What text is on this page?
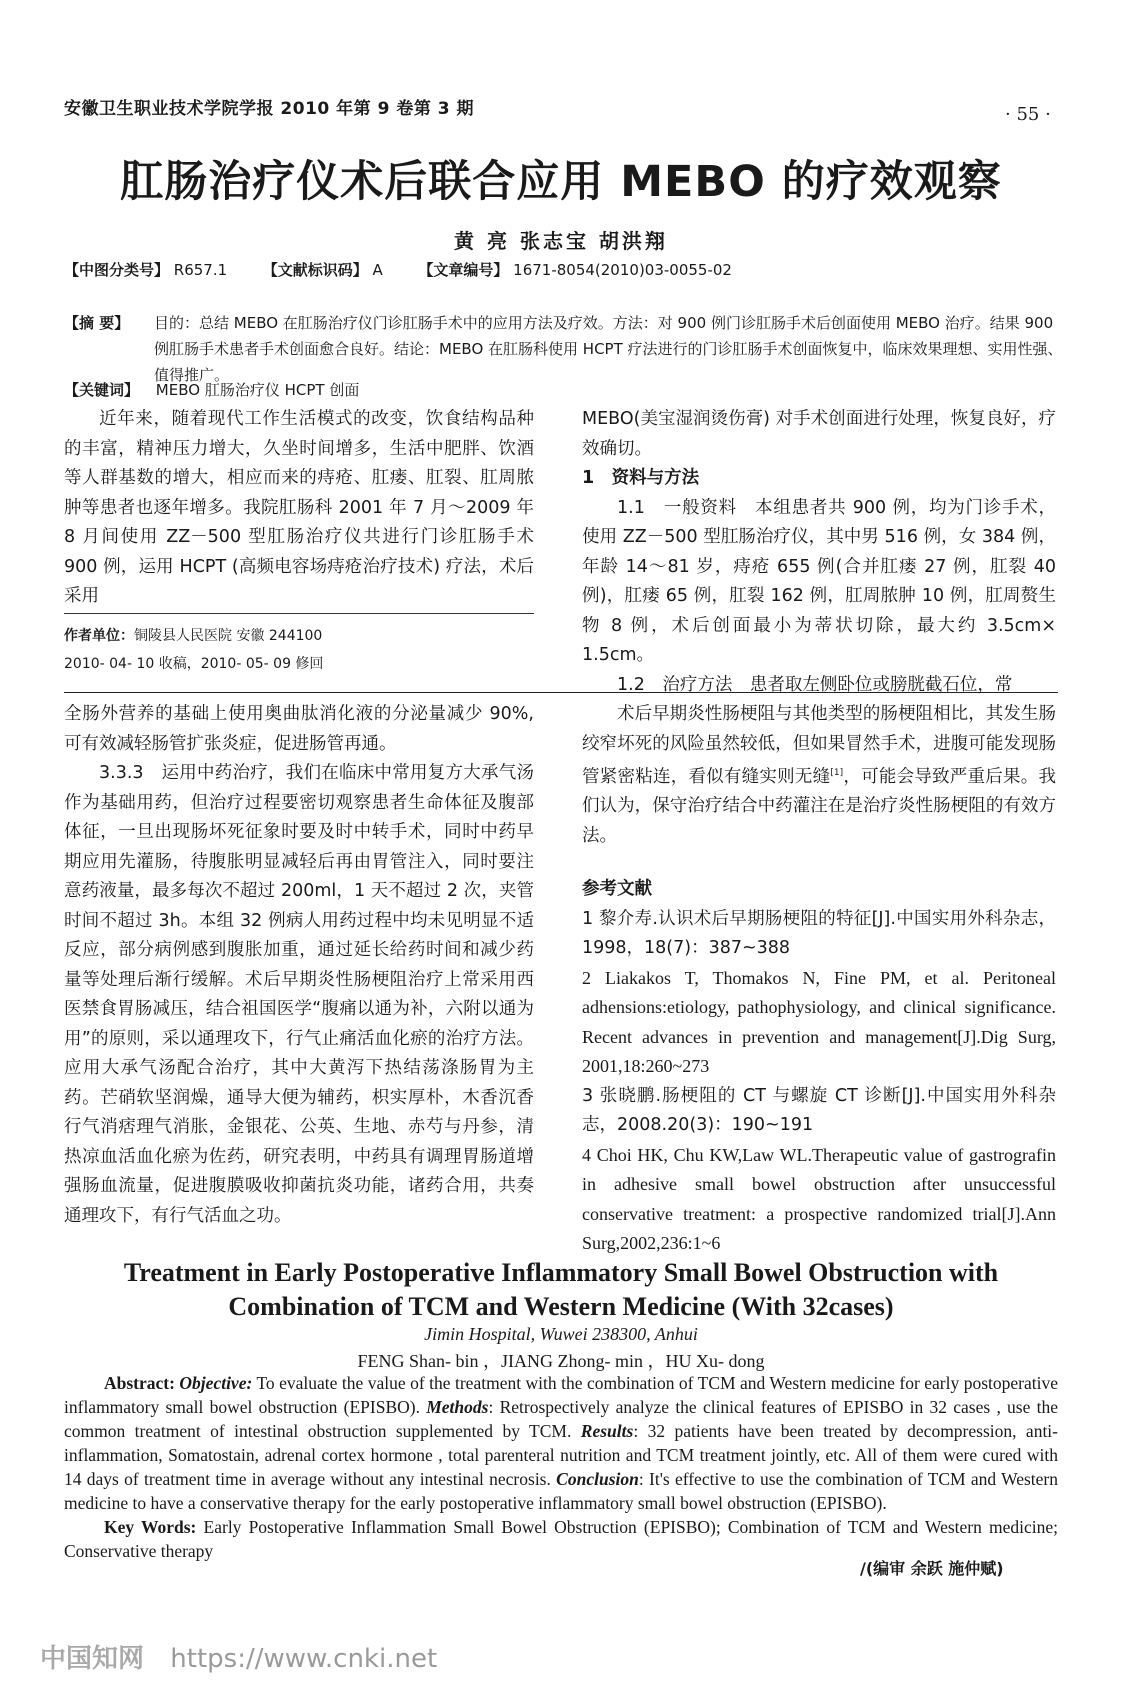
安徽卫生职业技术学院学报 2010 年第 9 卷第 3 期	· 55 ·
肛肠治疗仪术后联合应用 MEBO 的疗效观察
黄 亮 张志宝 胡洪翔
【中图分类号】 R657.1 【文献标识码】 A 【文章编号】 1671-8054(2010)03-0055-02
【摘 要】 目的：总结 MEBO 在肛肠治疗仪门诊肛肠手术中的应用方法及疗效。方法：对 900 例门诊肛肠手术后创面使用 MEBO 治疗。结果 900 例肛肠手术患者手术创面愈合良好。结论：MEBO 在肛肠科使用 HCPT 疗法进行的门诊肛肠手术创面恢复中，临床效果理想、实用性强、值得推广。
【关键词】 MEBO 肛肠治疗仪 HCPT 创面

近年来，随着现代工作生活模式的改变，饮食结构品种的丰富，精神压力增大，久坐时间增多，生活中肥胖、饮酒等人群基数的增大，相应而来的痔疮、肛瘘、肛裂、肛周脓肿等患者也逐年增多。我院肛肠科 2001 年 7 月～2009 年 8 月间使用 ZZ－500 型肛肠治疗仪共进行门诊肛肠手术 900 例，运用 HCPT (高频电容场痔疮治疗技术) 疗法，术后采用

作者单位：铜陵县人民医院 安徽 244100
2010- 04- 10 收稿，2010- 05- 09 修回

MEBO(美宝湿润烫伤膏) 对手术创面进行处理，恢复良好，疗效确切。

1　资料与方法

1.1　一般资料　本组患者共 900 例，均为门诊手术，使用 ZZ－500 型肛肠治疗仪，其中男 516 例，女 384 例，年龄 14～81 岁，痔疮 655 例(合并肛瘘 27 例，肛裂 40 例)，肛瘘 65 例，肛裂 162 例，肛周脓肿 10 例，肛周赘生物 8 例，术后创面最小为蒂状切除，最大约 3.5cm× 1.5cm。

1.2　治疗方法　患者取左侧卧位或膀胱截石位，常

全肠外营养的基础上使用奥曲肽消化液的分泌量减少 90%,可有效减轻肠管扩张炎症，促进肠管再通。

3.3.3　运用中药治疗，我们在临床中常用复方大承气汤作为基础用药，但治疗过程要密切观察患者生命体征及腹部体征，一旦出现肠坏死征象时要及时中转手术，同时中药早期应用先灌肠，待腹胀明显减轻后再由胃管注入，同时要注意药液量，最多每次不超过 200ml，1 天不超过 2 次，夹管时间不超过 3h。本组 32 例病人用药过程中均未见明显不适反应，部分病例感到腹胀加重，通过延长给药时间和减少药量等处理后渐行缓解。术后早期炎性肠梗阻治疗上常采用西医禁食胃肠减压，结合祖国医学“腹痛以通为补，六附以通为用”的原则，采以通理攻下，行气止痛活血化瘀的治疗方法。应用大承气汤配合治疗，其中大黄泻下热结荡涤肠胃为主药。芒硝软坚润燥，通导大便为辅药，枳实厚朴，木香沉香行气消痞理气消胀，金银花、公英、生地、赤芍与丹参，清热凉血活血化瘀为佐药，研究表明，中药具有调理胃肠道增强肠血流量，促进腹膜吸收抑菌抗炎功能，诸药合用，共奏通理攻下，有行气活血之功。

术后早期炎性肠梗阻与其他类型的肠梗阻相比，其发生肠绞窄坏死的风险虽然较低，但如果冒然手术，进腹可能发现肠管紧密粘连，看似有缝实则无缝[1]，可能会导致严重后果。我们认为，保守治疗结合中药灌注在是治疗炎性肠梗阻的有效方法。

参考文献

1 黎介寿.认识术后早期肠梗阻的特征[J].中国实用外科杂志，1998，18(7)：387~388

2 Liakakos T, Thomakos N, Fine PM, et al. Peritoneal adhensions:etiology, pathophysiology, and clinical significance. Recent advances in prevention and management[J].Dig Surg, 2001,18:260~273

3 张晓鹏.肠梗阻的 CT 与螺旋 CT 诊断[J].中国实用外科杂志，2008.20(3)：190~191

4 Choi HK, Chu KW,Law WL.Therapeutic value of gastrografin in adhesive small bowel obstruction after unsuccessful conservative treatment: a prospective randomized trial[J].Ann Surg,2002,236:1~6

Treatment in Early Postoperative Inflammatory Small Bowel Obstruction with
Combination of TCM and Western Medicine (With 32cases)
Jimin Hospital, Wuwei 238300, Anhui
FENG Shan- bin ，JIANG Zhong- min ，HU Xu- dong

Abstract: Objective: To evaluate the value of the treatment with the combination of TCM and Western medicine for early postoperative inflammatory small bowel obstruction (EPISBO). Methods: Retrospectively analyze the clinical features of EPISBO in 32 cases , use the common treatment of intestinal obstruction supplemented by TCM. Results: 32 patients have been treated by decompression, anti- inflammation, Somatostain, adrenal cortex hormone , total parenteral nutrition and TCM treatment jointly, etc. All of them were cured with 14 days of treatment time in average without any intestinal necrosis. Conclusion: It's effective to use the combination of TCM and Western medicine to have a conservative therapy for the early postoperative inflammatory small bowel obstruction (EPISBO).

Key Words: Early Postoperative Inflammation Small Bowel Obstruction (EPISBO); Combination of TCM and Western medicine; Conservative therapy

/(编审 余跃 施仲赋)
中国知网 https://www.cnki.net
